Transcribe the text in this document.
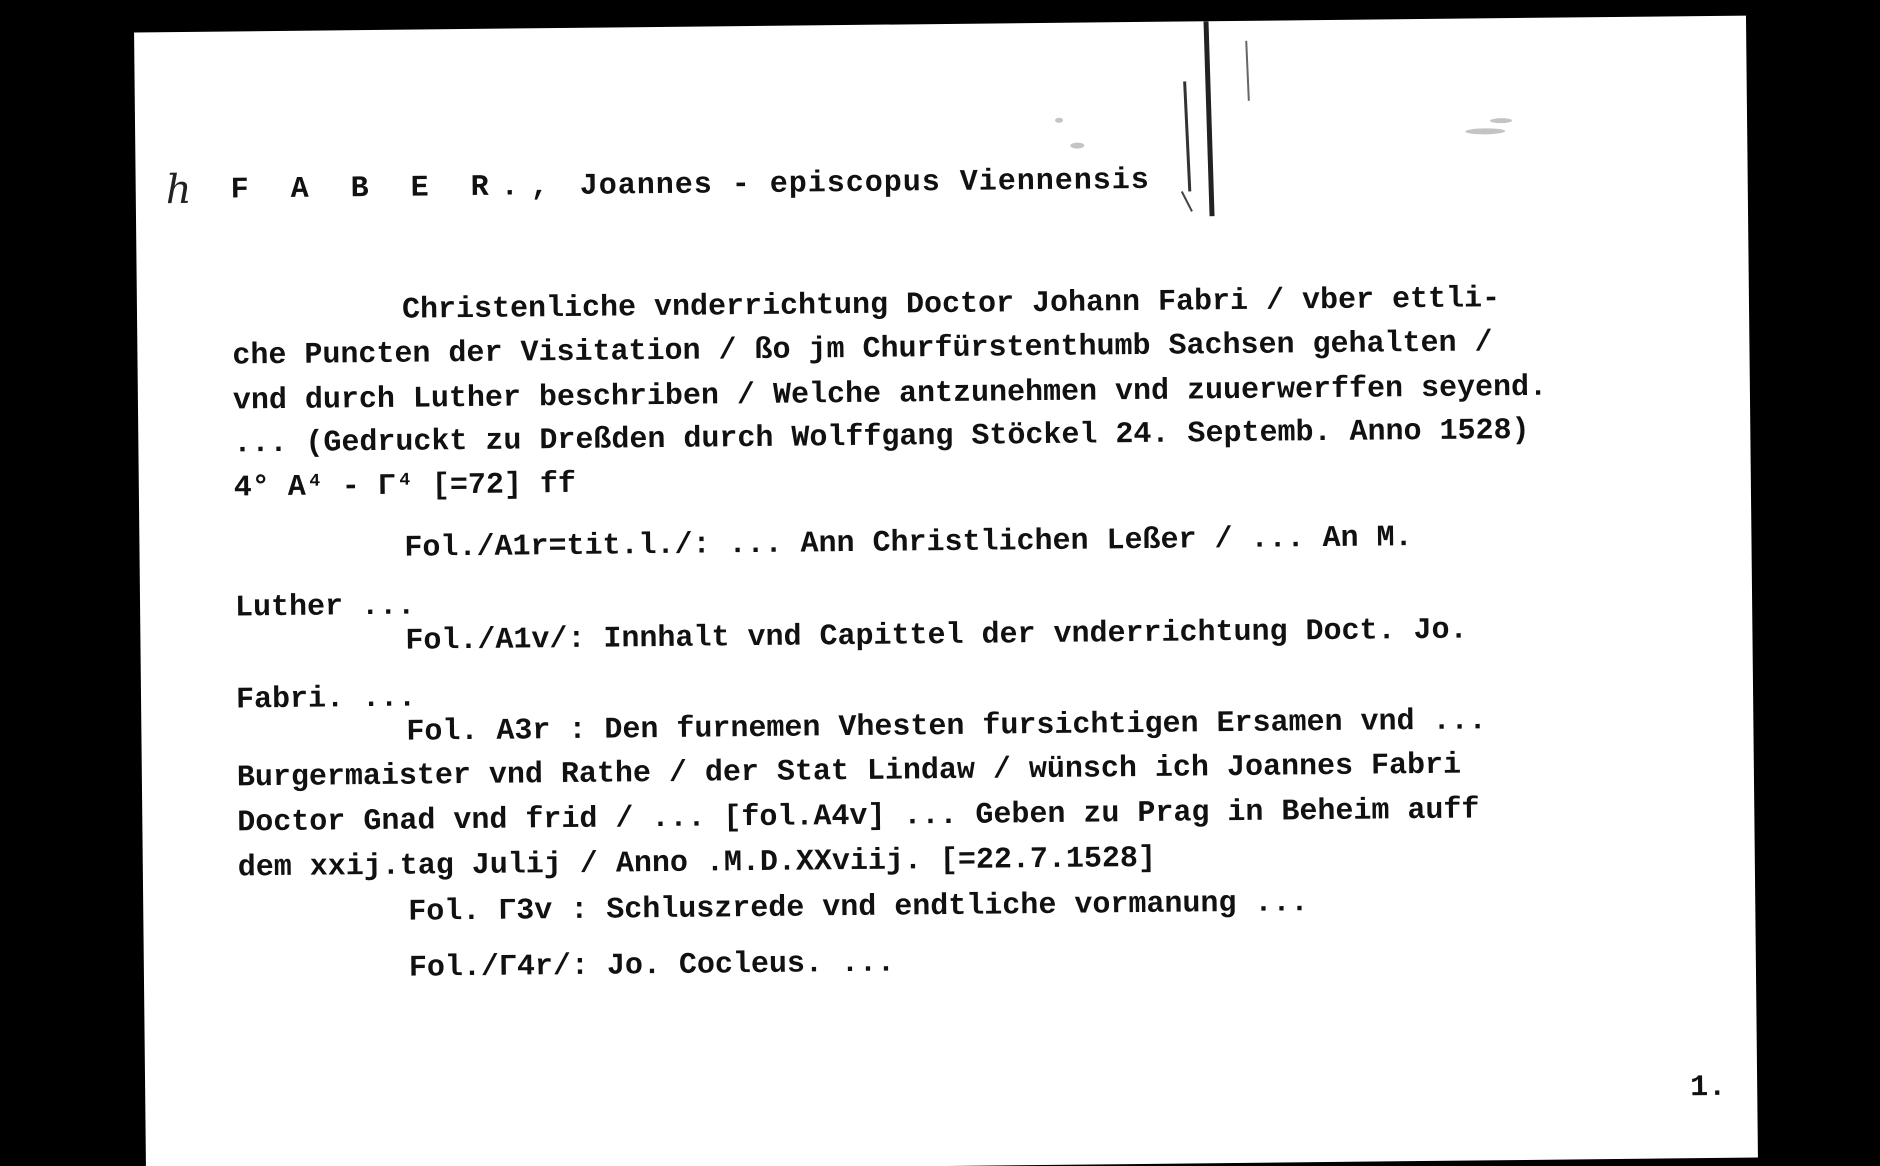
h F A B E R., Joannes - episcopus Viennensis
Christenliche vnderrichtung Doctor Johann Fabri / vber ettli-
che Puncten der Visitation / ßo jm Churfürstenthumb Sachsen gehalten /
vnd durch Luther beschriben / Welche antzunehmen vnd zuuerwerffen seyend.
... (Gedruckt zu Dreßden durch Wolffgang Stöckel 24. Septemb. Anno 1528)
4° A⁴ - Γ⁴ [=72] ff
Fol./A1r=tit.l./: ... Ann Christlichen Leßer / ... An M.
Luther ...
Fol./A1v/: Innhalt vnd Capittel der vnderrichtung Doct. Jo.
Fabri. ...
Fol. A3r : Den furnemen Vhesten fursichtigen Ersamen vnd ...
Burgermaister vnd Rathe / der Stat Lindaw / wünsch ich Joannes Fabri
Doctor Gnad vnd frid / ... [fol.A4v] ... Geben zu Prag in Beheim auff
dem xxij.tag Julij / Anno .M.D.XXviij. [=22.7.1528]
Fol. Γ3v : Schluszrede vnd endtliche vormanung ...
Fol./Γ4r/: Jo. Cocleus. ...
1.
